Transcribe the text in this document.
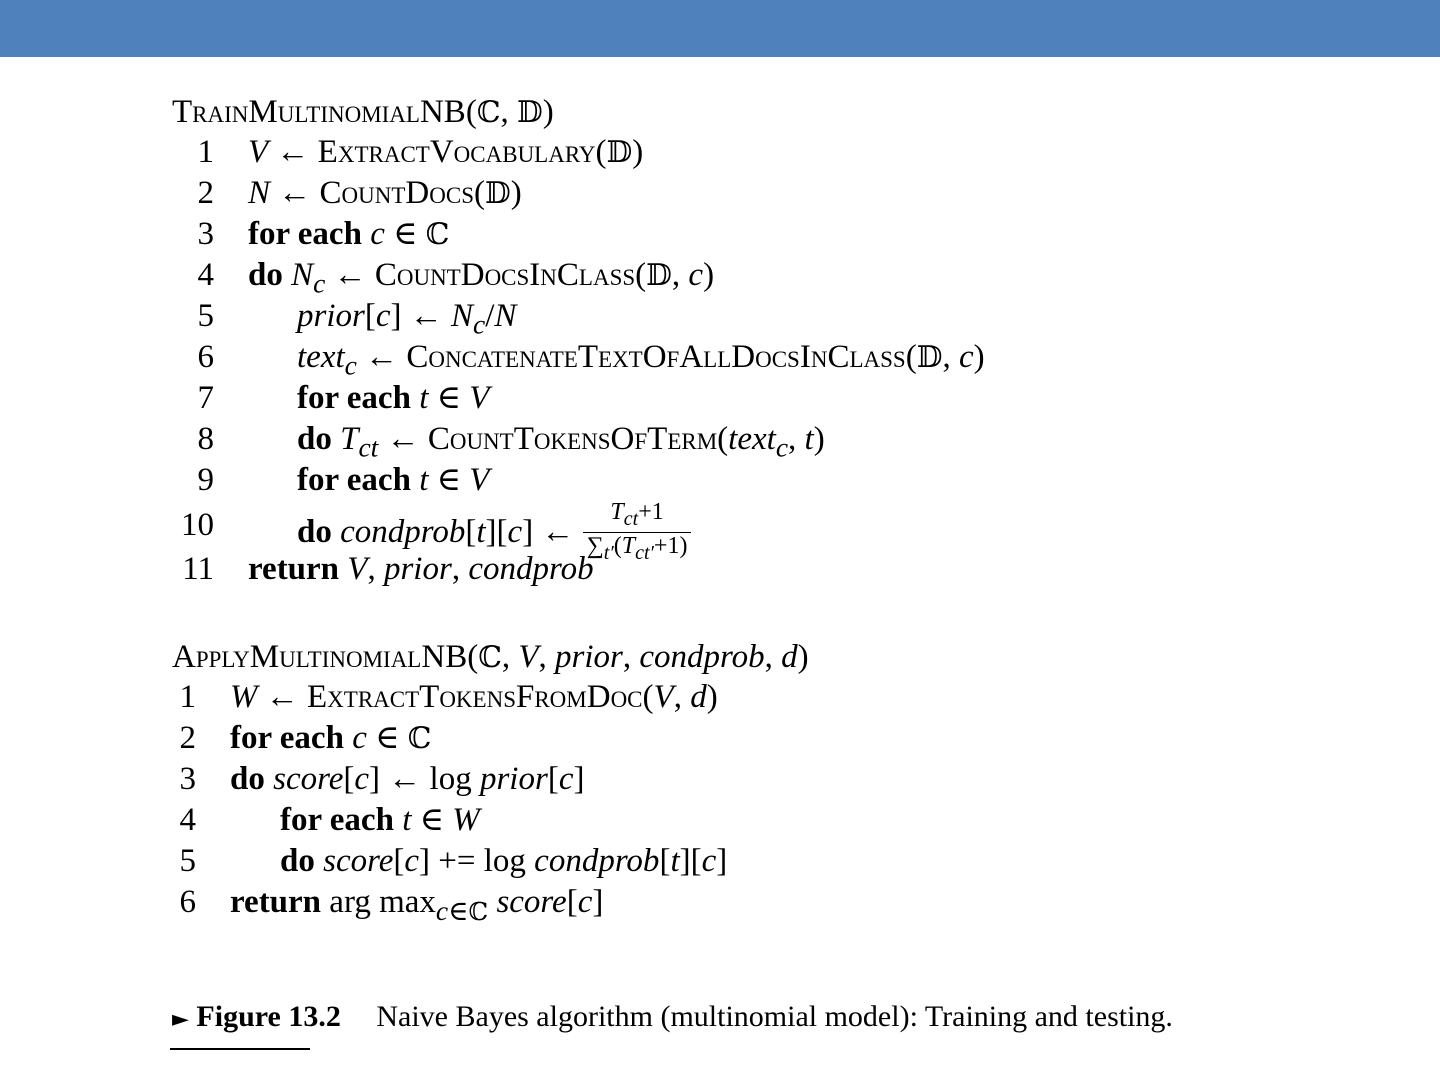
TrainMultinomialNB(ℂ, 𝔻)
1 V ← ExtractVocabulary(𝔻)
2 N ← CountDocs(𝔻)
3 for each c ∈ ℂ
4 do $N_c$ ← CountDocsInClass(𝔻, c)
5	prior[c] ← $N_c/N$
6	text$_c$ ← ConcatenateTextOfAllDocsInClass(𝔻, c)
7	for each t ∈ V
8	do $T_{ct}$ ← CountTokensOfTerm(text$_c$, t)
9	for each t ∈ V
10	do condprob[t][c] ← $\frac{T_{ct}+1}{\sum_{t'}(T_{ct'}+1)}$
11 return V, prior, condprob
ApplyMultinomialNB(ℂ, V, prior, condprob, d)
1 W ← ExtractTokensFromDoc(V, d)
2 for each c ∈ ℂ
3 do score[c] ← log prior[c]
4	for each t ∈ W
5	do score[c] += log condprob[t][c]
6 return arg $\max_{c\in ℂ}$ score[c]
► Figure 13.2 Naive Bayes algorithm (multinomial model): Training and testing.
